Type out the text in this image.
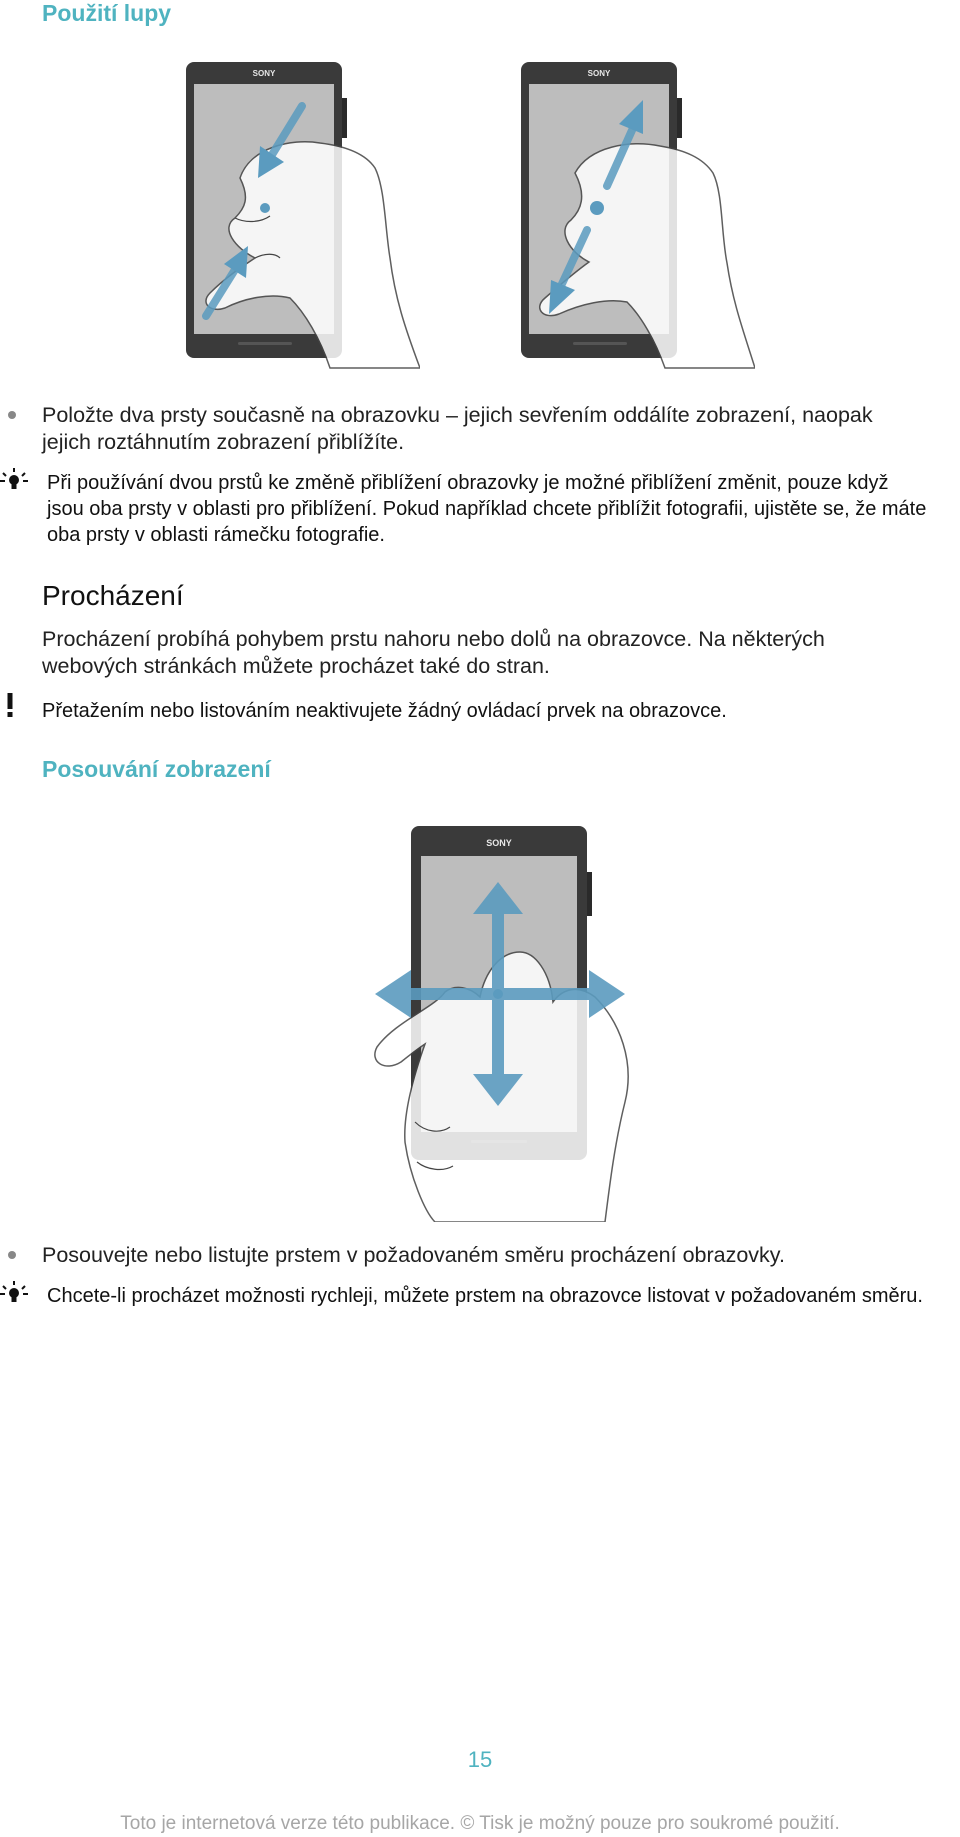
Použití lupy
SONY	SONY
Položte dva prsty současně na obrazovku – jejich sevřením oddálíte zobrazení, naopak jejich roztáhnutím zobrazení přiblížíte.
Při používání dvou prstů ke změně přiblížení obrazovky je možné přiblížení změnit, pouze když jsou oba prsty v oblasti pro přiblížení. Pokud například chcete přiblížit fotografii, ujistěte se, že máte oba prsty v oblasti rámečku fotografie.
Procházení
Procházení probíhá pohybem prstu nahoru nebo dolů na obrazovce. Na některých webových stránkách můžete procházet také do stran.
Přetažením nebo listováním neaktivujete žádný ovládací prvek na obrazovce.
Posouvání zobrazení
SONY
Posouvejte nebo listujte prstem v požadovaném směru procházení obrazovky.
Chcete-li procházet možnosti rychleji, můžete prstem na obrazovce listovat v požadovaném směru.
15
Toto je internetová verze této publikace. © Tisk je možný pouze pro soukromé použití.
